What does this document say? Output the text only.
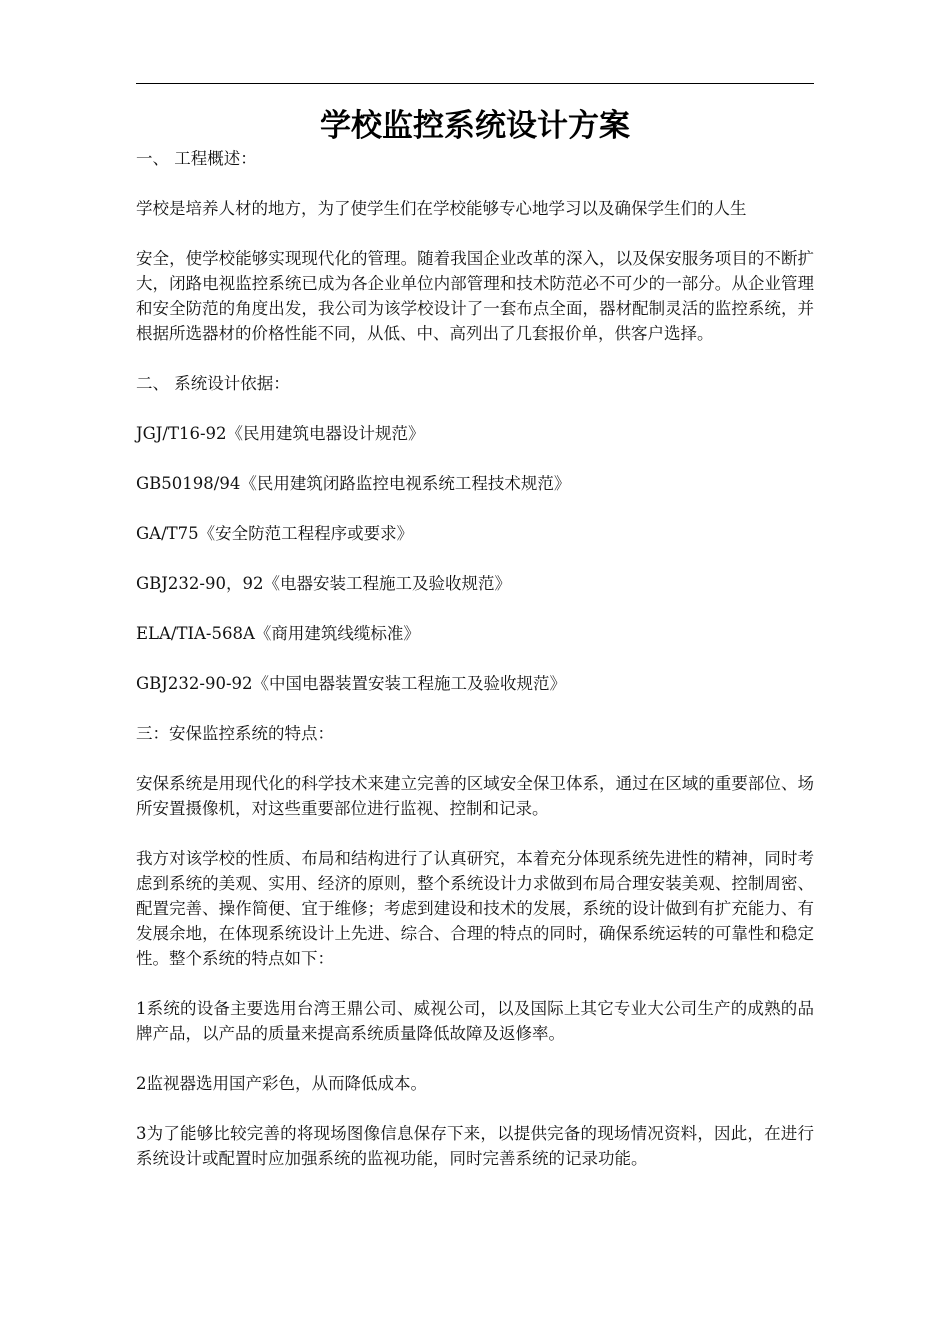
学校监控系统设计方案

一、 工程概述：

学校是培养人材的地方，为了使学生们在学校能够专心地学习以及确保学生们的人生

安全，使学校能够实现现代化的管理。随着我国企业改革的深入，以及保安服务项目的不断扩大，闭路电视监控系统已成为各企业单位内部管理和技术防范必不可少的一部分。从企业管理和安全防范的角度出发，我公司为该学校设计了一套布点全面，器材配制灵活的监控系统，并根据所选器材的价格性能不同，从低、中、高列出了几套报价单，供客户选择。

二、 系统设计依据：

JGJ/T16-92《民用建筑电器设计规范》

GB50198/94《民用建筑闭路监控电视系统工程技术规范》

GA/T75《安全防范工程程序或要求》

GBJ232-90，92《电器安装工程施工及验收规范》

ELA/TIA-568A《商用建筑线缆标准》

GBJ232-90-92《中国电器装置安装工程施工及验收规范》

三：安保监控系统的特点：

安保系统是用现代化的科学技术来建立完善的区域安全保卫体系，通过在区域的重要部位、场所安置摄像机，对这些重要部位进行监视、控制和记录。

我方对该学校的性质、布局和结构进行了认真研究，本着充分体现系统先进性的精神，同时考虑到系统的美观、实用、经济的原则，整个系统设计力求做到布局合理安装美观、控制周密、配置完善、操作简便、宜于维修；考虑到建设和技术的发展，系统的设计做到有扩充能力、有发展余地，在体现系统设计上先进、综合、合理的特点的同时，确保系统运转的可靠性和稳定性。整个系统的特点如下：

1系统的设备主要选用台湾王鼎公司、威视公司，以及国际上其它专业大公司生产的成熟的品牌产品，以产品的质量来提高系统质量降低故障及返修率。

2监视器选用国产彩色，从而降低成本。

3为了能够比较完善的将现场图像信息保存下来，以提供完备的现场情况资料，因此，在进行系统设计或配置时应加强系统的监视功能，同时完善系统的记录功能。
